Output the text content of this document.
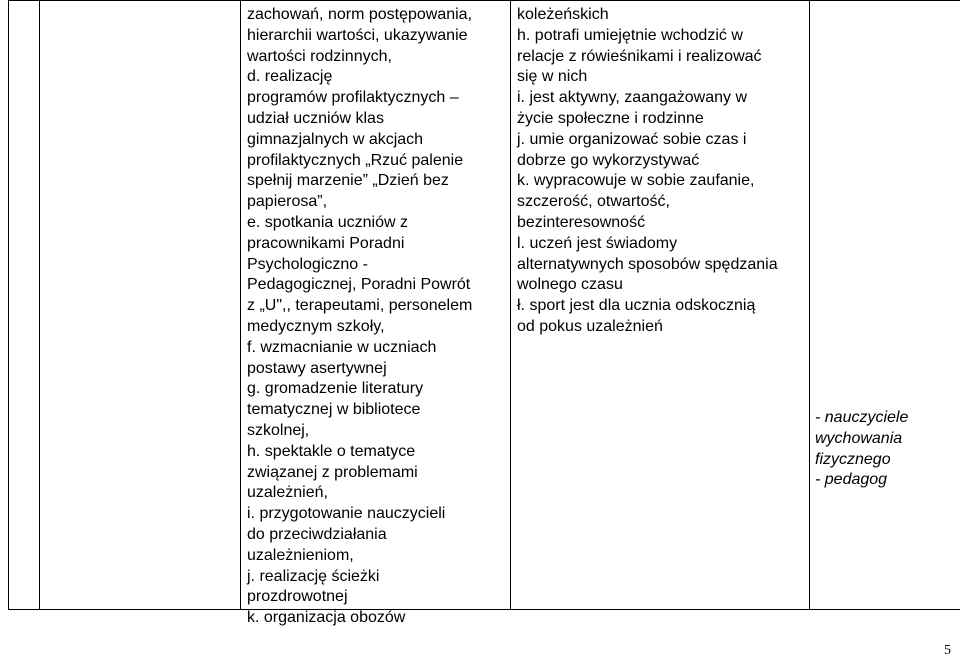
zachowań, norm postępowania,

hierarchii wartości, ukazywanie

wartości rodzinnych,

d. realizację

programów profilaktycznych –

udział uczniów klas

gimnazjalnych w akcjach

profilaktycznych „Rzuć palenie

spełnij marzenie” „Dzień bez

papierosa”,

e. spotkania uczniów z

pracownikami Poradni

Psychologiczno -

Pedagogicznej, Poradni Powrót

z „U",, terapeutami, personelem

medycznym szkoły,

f. wzmacnianie w uczniach

postawy asertywnej

g. gromadzenie literatury

tematycznej w bibliotece

szkolnej,

h. spektakle o tematyce

związanej z problemami

uzależnień,

i. przygotowanie nauczycieli

do przeciwdziałania

uzależnieniom,

j. realizację ścieżki

prozdrowotnej

k. organizacja obozów

koleżeńskich

h. potrafi umiejętnie wchodzić w

relacje z rówieśnikami i realizować

się w nich

i. jest aktywny, zaangażowany w

życie społeczne i rodzinne

j. umie organizować sobie czas i

dobrze go wykorzystywać

k. wypracowuje w sobie zaufanie,

szczerość, otwartość,

bezinteresowność

l. uczeń jest świadomy

alternatywnych sposobów spędzania

wolnego czasu

ł. sport jest dla ucznia odskocznią

od pokus uzależnień

- nauczyciele

wychowania

fizycznego

- pedagog

5
